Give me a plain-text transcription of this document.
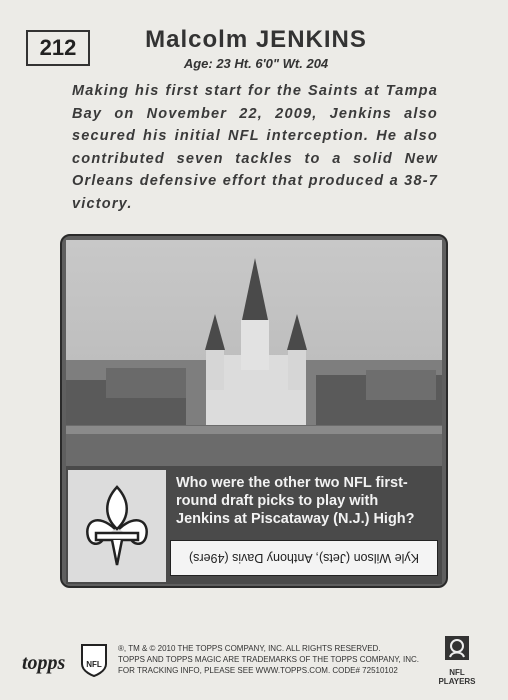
212	Malcolm JENKINS
Age: 23 Ht. 6'0" Wt. 204
Making his first start for the Saints at Tampa Bay on November 22, 2009, Jenkins also secured his initial NFL interception. He also contributed seven tackles to a solid New Orleans defensive effort that produced a 38-7 victory.
Who were the other two NFL first-round draft picks to play with Jenkins at Piscataway (N.J.) High?
Kyle Wilson (Jets), Anthony Davis (49ers)
topps	NFL
®, TM & © 2010 THE TOPPS COMPANY, INC. ALL RIGHTS RESERVED.
TOPPS AND TOPPS MAGIC ARE TRADEMARKS OF THE TOPPS COMPANY, INC.
FOR TRACKING INFO, PLEASE SEE WWW.TOPPS.COM. CODE# 72510102	NFL PLAYERS
